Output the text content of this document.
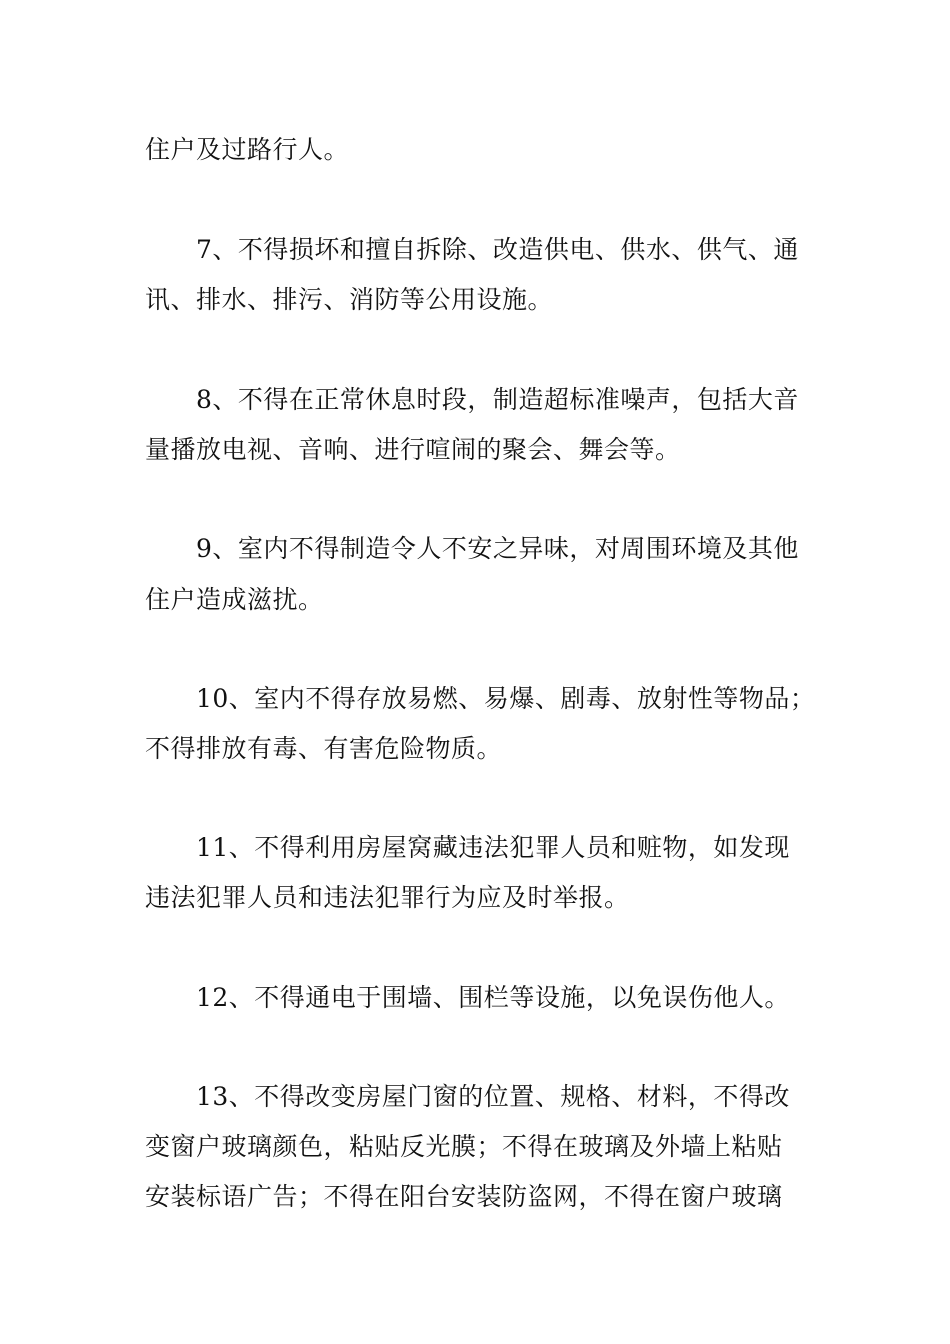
住户及过路行人。
7、不得损坏和擅自拆除、改造供电、供水、供气、通
讯、排水、排污、消防等公用设施。
8、不得在正常休息时段，制造超标准噪声，包括大音
量播放电视、音响、进行喧闹的聚会、舞会等。
9、室内不得制造令人不安之异味，对周围环境及其他
住户造成滋扰。
10、室内不得存放易燃、易爆、剧毒、放射性等物品；
不得排放有毒、有害危险物质。
11、不得利用房屋窝藏违法犯罪人员和赃物，如发现
违法犯罪人员和违法犯罪行为应及时举报。
12、不得通电于围墙、围栏等设施，以免误伤他人。
13、不得改变房屋门窗的位置、规格、材料，不得改
变窗户玻璃颜色，粘贴反光膜；不得在玻璃及外墙上粘贴
安装标语广告；不得在阳台安装防盗网，不得在窗户玻璃
